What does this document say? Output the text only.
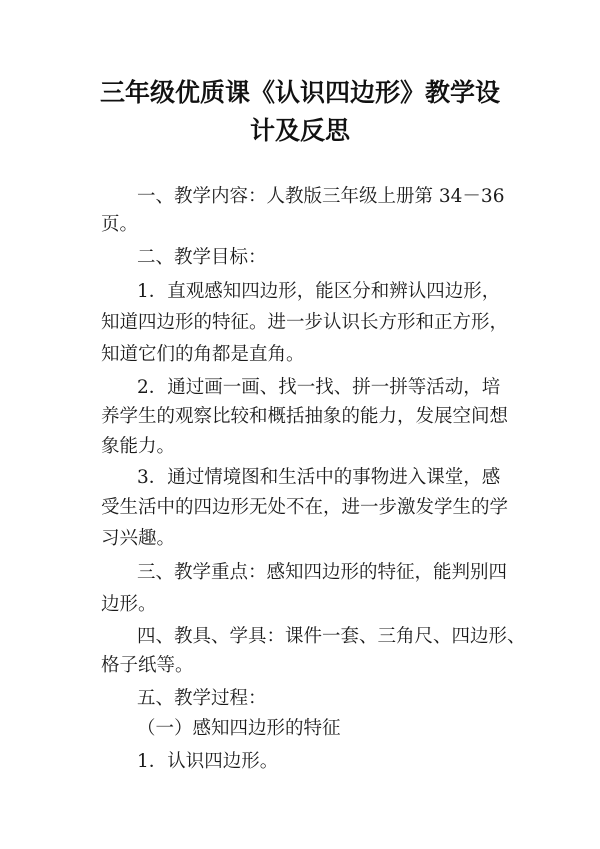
三年级优质课《认识四边形》教学设
计及反思
一、教学内容：人教版三年级上册第 34－36
页。
二、教学目标：
1．直观感知四边形，能区分和辨认四边形，
知道四边形的特征。进一步认识长方形和正方形，
知道它们的角都是直角。
2．通过画一画、找一找、拼一拼等活动，培
养学生的观察比较和概括抽象的能力，发展空间想
象能力。
3．通过情境图和生活中的事物进入课堂，感
受生活中的四边形无处不在，进一步激发学生的学
习兴趣。
三、教学重点：感知四边形的特征，能判别四
边形。
四、教具、学具：课件一套、三角尺、四边形、
格子纸等。
五、教学过程：
（一）感知四边形的特征
1．认识四边形。
